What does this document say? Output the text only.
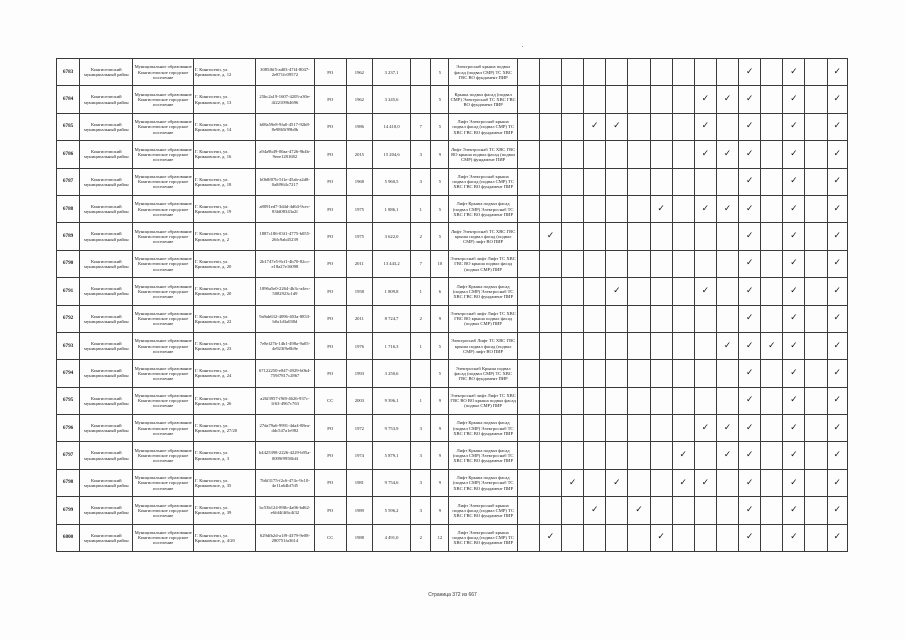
6783	Кингисеппский муниципальный район	Муниципальное образование Кингисеппское городское поселение	Г. Кингисепп, ул. Крикковское, д. 12	3085f6f5-ad03-47f4-8047-2e871fc09572	РО	1962	3 237,1		5	Электроснаб крыша подвал фасад (подвал СМР) ТС ХВС ГВС ВО фундамент ПИР											✓		✓		✓
6784	Кингисеппский муниципальный район	Муниципальное образование Кингисеппское городское поселение	Г. Кингисепп, ул. Крикковское, д. 13	25bc2a19-1607-4205-a30e-4f2210964696	РО	1962	3 245,6		5	Крыша подвал фасад (подвал СМР) Электроснаб ТС ХВС ГВС ВО фундамент ПИР									✓	✓	✓		✓		✓
6785	Кингисеппский муниципальный район	Муниципальное образование Кингисеппское городское поселение	Г. Кингисепп, ул. Крикковское, д. 14	b08a59e8-9fa0-4517-92b8-8e9865f99b0b	РО	1986	14 410,0	7	5	Лифт Электроснаб крыша подвал фасад (подвал СМР) ТС ХВС ГВС ВО фундамент ПИР				✓	✓				✓		✓		✓		✓
6786	Кингисеппский муниципальный район	Муниципальное образование Кингисеппское городское поселение	Г. Кингисепп, ул. Крикковское, д. 16	a94a9b49-00aa-4726-9b4b-9eee1281682	РО	2015	15 204,6	3	9	Лифт Электроснаб ТС ХВС ГВС ВО крыша подвал фасад (подвал СМР) фундамент ПИР									✓	✓	✓		✓		✓
6787	Кингисеппский муниципальный район	Муниципальное образование Кингисеппское городское поселение	Г. Кингисепп, ул. Крикковское, д. 18	b0b8f07b-5f1e-45ab-a2d8-0a8f964c7217	РО	1968	5 960,5	3	5	Лифт Электроснаб крыша подвал фасад (подвал СМР) ТС ХВС ГВС ВО фундамент ПИР											✓		✓		✓
6788	Кингисеппский муниципальный район	Муниципальное образование Кингисеппское городское поселение	Г. Кингисепп, ул. Крикковское, д. 19	a8091ed7-3d4d-4d64-9cec-83fd08343a2f	РО	1975	1 886,1	1	5	Лифт Крыша подвал фасад (подвал СМР) Электроснаб ТС ХВС ГВС ВО фундамент ПИР							✓		✓	✓	✓		✓		✓
6789	Кингисеппский муниципальный район	Муниципальное образование Кингисеппское городское поселение	Г. Кингисепп, ул. Крикковское, д. 2	1887c186-03f1-4775-b055-26fc9ab45239	РО	1975	3 622,0	2	5	Лифт Электроснаб ТС ХВС ГВС крыша подвал фасад (подвал СМР) лифт ВО ПИР		✓									✓		✓		✓
6790	Кингисеппский муниципальный район	Муниципальное образование Кингисеппское городское поселение	Г. Кингисепп, ул. Крикковское, д. 20	2b1747e5-8cf1-4b70-82cc-e18a27e16098	РО	2011	13 443,2	7	10	Электроснаб лифт Лифт ТС ХВС ГВС ВО крыша подвал фасад (подвал СМР) ПИР											✓		✓		✓
6791	Кингисеппский муниципальный район	Муниципальное образование Кингисеппское городское поселение	Г. Кингисепп, ул. Крикковское, д. 20	1896a5e0-2264-4b3c-a4ec-5082923c1d9	РО	1958	1 809,8	1	6	Лифт Крыша подвал фасад (подвал СМР) Электроснаб ТС ХВС ГВС ВО фундамент ПИР					✓				✓		✓		✓		✓
6792	Кингисеппский муниципальный район	Муниципальное образование Кингисеппское городское поселение	Г. Кингисепп, ул. Крикковское, д. 22	9a9ab632-4096-403a-8833-b0a1d3a038d	РО	2011	8 724,7	2	9	Электроснаб лифт Лифт ТС ХВС ГВС ВО крыша подвал фасад (подвал СМР) ПИР											✓		✓		✓
6793	Кингисеппский муниципальный район	Муниципальное образование Кингисеппское городское поселение	Г. Кингисепп, ул. Крикковское, д. 23	7e8ef27b-14b1-498a-9a05-4e923f9e0b9e	РО	1976	1 716,3	1	5	Электроснаб Лифт ТС ХВС ГВС крыша подвал фасад (подвал СМР) лифт ВО ПИР										✓	✓	✓	✓		✓
6794	Кингисеппский муниципальный район	Муниципальное образование Кингисеппское городское поселение	Г. Кингисепп, ул. Крикковское, д. 24	67122250-e847-4929-b0b4-759f7817c2867	РО	1993	3 250,6		5	Электроснаб Крыша подвал фасад (подвал СМР) ТС ХВС ГВС ВО фундамент ПИР											✓		✓		✓
6795	Кингисеппский муниципальный район	Муниципальное образование Кингисеппское городское поселение	Г. Кингисепп, ул. Крикковское, д. 26	a26f3957-f9f8-4626-937c-1f63-4967c763	СС	2003	9 396,1	1	9	Электроснаб лифт Лифт ТС ХВС ГВС ВО ВО крыша подвал фасад (подвал СМР) ПИР											✓		✓		✓
6796	Кингисеппский муниципальный район	Муниципальное образование Кингисеппское городское поселение	Г. Кингисепп, ул. Крикковское, д. 27/20	27da79a6-9991-4da4-88ea-ddc547a1e982	РО	1972	9 753,9	3	9	Лифт Крыша подвал фасад (подвал СМР) Электроснаб ТС ХВС ГВС ВО фундамент ПИР									✓	✓	✓		✓		✓
6797	Кингисеппский муниципальный район	Муниципальное образование Кингисеппское городское поселение	Г. Кингисепп, ул. Крикковское, д. 3	b4425398-2226-4229-b95a-0009f9958fd4	РО	1974	5 879,1	3	9	Лифт Крыша подвал фасад (подвал СМР) Электроснаб ТС ХВС ГВС ВО фундамент ПИР								✓		✓	✓		✓		✓
6798	Кингисеппский муниципальный район	Муниципальное образование Кингисеппское городское поселение	Г. Кингисепп, ул. Крикковское, д. 35	7b6f3175-f2c6-474c-9c10-4e11a64bf7d5	РО	1981	9 754,6	3	9	Лифт Крыша подвал фасад (подвал СМР) Электроснаб ТС ХВС ГВС ВО фундамент ПИР			✓		✓			✓	✓		✓		✓		✓
6799	Кингисеппский муниципальный район	Муниципальное образование Кингисеппское городское поселение	Г. Кингисепп, ул. Крикковское, д. 39	bc53b124-89fb-4a06-bd62-e6fd4f4f6c4f32	РО	1989	5 596,2	3	9	Лифт Электроснаб крыша подвал фасад (подвал СМР) ТС ХВС ГВС ВО фундамент ПИР				✓		✓					✓		✓		✓
6800	Кингисеппский муниципальный район	Муниципальное образование Кингисеппское городское поселение	Г. Кингисепп, ул. Крикковское, д. 4/20	629dfb2d-a1f9-4379-9e08-280751fa3614	СС	1988	4 491,0	2	12	Лифт Электроснаб крыша подвал фасад (подвал СМР) ТС ХВС ГВС ВО фундамент ПИР		✓					✓				✓		✓		✓
Страница 372 из 667
